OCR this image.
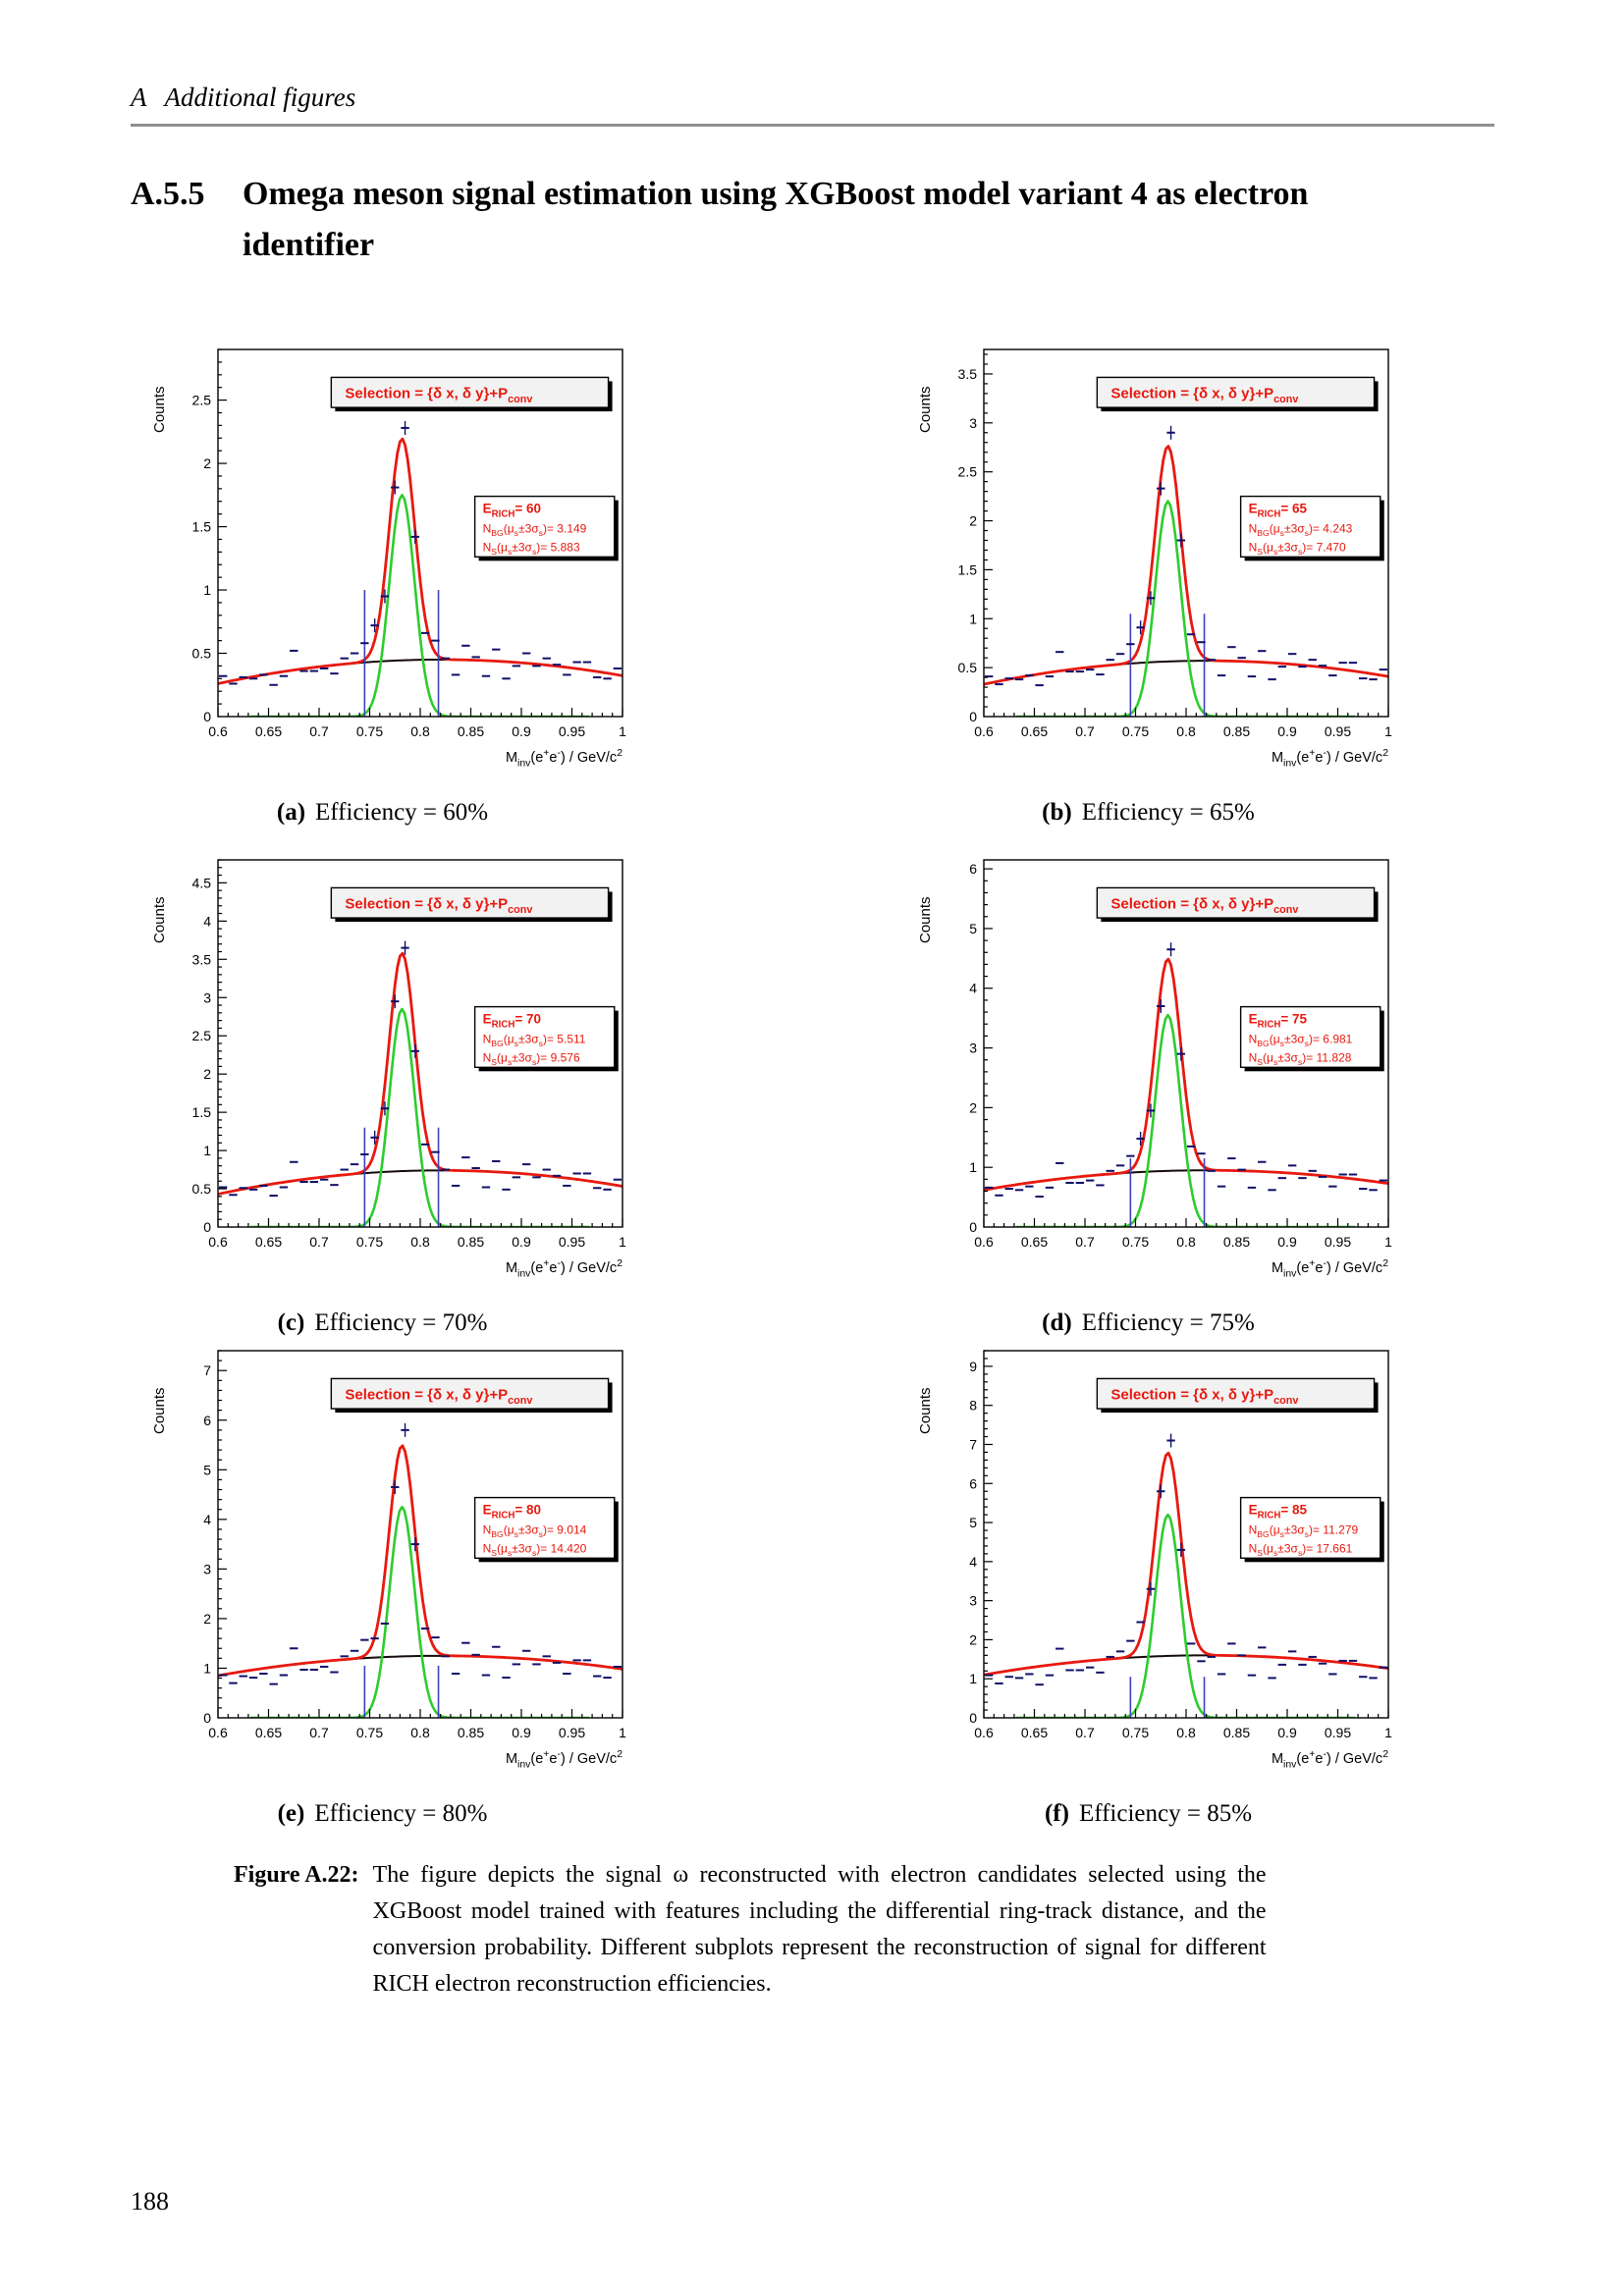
A Additional figures
A.5.5	Omega meson signal estimation using XGBoost model variant 4 as electron identifier
0.6 0.65 0.7 0.75 0.8 0.85 0.9 0.95 1
0
0.5
1
1.5
2
2.5
Counts
$M_{inv}(e^+e^-) / GeV/c^2$
Selection = {δ x, δ $y\}+P_{conv}$
$E_{RICH}= 60$
$N_{BG}(\mu_s\pm 3\sigma_s)= 3.149$
$N_S(\mu_s\pm 3\sigma_s)= 5.883$
(a) Efficiency = 60%
0.6 0.65 0.7 0.75 0.8 0.85 0.9 0.95 1
0
0.5
1
1.5
2
2.5
3
3.5
Counts
$M_{inv}(e^+e^-) / GeV/c^2$
Selection = {δ x, δ $y\}+P_{conv}$
$E_{RICH}= 65$
$N_{BG}(\mu_s\pm 3\sigma_s)= 4.243$
$N_S(\mu_s\pm 3\sigma_s)= 7.470$
(b) Efficiency = 65%
0.6 0.65 0.7 0.75 0.8 0.85 0.9 0.95 1
0
0.5
1
1.5
2
2.5
3
3.5
4
4.5
Counts
$M_{inv}(e^+e^-) / GeV/c^2$
Selection = {δ x, δ $y\}+P_{conv}$
$E_{RICH}= 70$
$N_{BG}(\mu_s\pm 3\sigma_s)= 5.511$
$N_S(\mu_s\pm 3\sigma_s)= 9.576$
(c) Efficiency = 70%
0.6 0.65 0.7 0.75 0.8 0.85 0.9 0.95 1
0
1
2
3
4
5
6
Counts
$M_{inv}(e^+e^-) / GeV/c^2$
Selection = {δ x, δ $y\}+P_{conv}$
$E_{RICH}= 75$
$N_{BG}(\mu_s\pm 3\sigma_s)= 6.981$
$N_S(\mu_s\pm 3\sigma_s)= 11.828$
(d) Efficiency = 75%
0.6 0.65 0.7 0.75 0.8 0.85 0.9 0.95 1
0
1
2
3
4
5
6
7
Counts
$M_{inv}(e^+e^-) / GeV/c^2$
Selection = {δ x, δ $y\}+P_{conv}$
$E_{RICH}= 80$
$N_{BG}(\mu_s\pm 3\sigma_s)= 9.014$
$N_S(\mu_s\pm 3\sigma_s)= 14.420$
(e) Efficiency = 80%
0.6 0.65 0.7 0.75 0.8 0.85 0.9 0.95 1
0
1
2
3
4
5
6
7
8
9
Counts
$M_{inv}(e^+e^-) / GeV/c^2$
Selection = {δ x, δ $y\}+P_{conv}$
$E_{RICH}= 85$
$N_{BG}(\mu_s\pm 3\sigma_s)= 11.279$
$N_S(\mu_s\pm 3\sigma_s)= 17.661$
(f) Efficiency = 85%
Figure A.22: The figure depicts the signal ω reconstructed with electron candidates selected using the XGBoost model trained with features including the differential ring-track distance, and the conversion probability. Different subplots represent the reconstruction of signal for different RICH electron reconstruction efficiencies.
188
